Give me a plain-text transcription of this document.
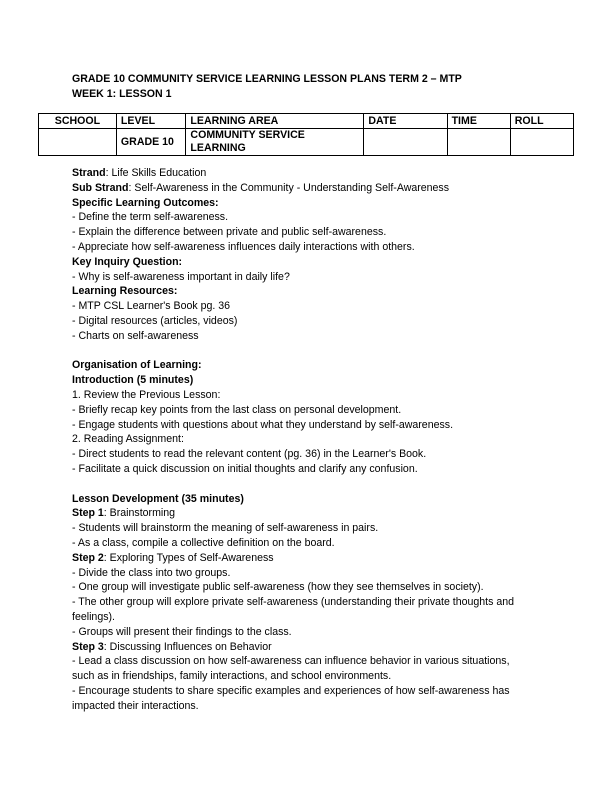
GRADE 10 COMMUNITY SERVICE LEARNING LESSON PLANS TERM 2 – MTP
WEEK 1: LESSON 1
SCHOOL	LEVEL	LEARNING AREA	DATE	TIME	ROLL
	GRADE 10	COMMUNITY SERVICE LEARNING			

Strand: Life Skills Education

Sub Strand: Self-Awareness in the Community - Understanding Self-Awareness

Specific Learning Outcomes:

- Define the term self-awareness.

- Explain the difference between private and public self-awareness.

- Appreciate how self-awareness influences daily interactions with others.

Key Inquiry Question:

- Why is self-awareness important in daily life?

Learning Resources:

- MTP CSL Learner's Book pg. 36

- Digital resources (articles, videos)

- Charts on self-awareness

Organisation of Learning:

Introduction (5 minutes)

1. Review the Previous Lesson:

- Briefly recap key points from the last class on personal development.

- Engage students with questions about what they understand by self-awareness.

2. Reading Assignment:

- Direct students to read the relevant content (pg. 36) in the Learner's Book.

- Facilitate a quick discussion on initial thoughts and clarify any confusion.

Lesson Development (35 minutes)

Step 1: Brainstorming

- Students will brainstorm the meaning of self-awareness in pairs.

- As a class, compile a collective definition on the board.

Step 2: Exploring Types of Self-Awareness

- Divide the class into two groups.

- One group will investigate public self-awareness (how they see themselves in society).

- The other group will explore private self-awareness (understanding their private thoughts and

feelings).

- Groups will present their findings to the class.

Step 3: Discussing Influences on Behavior

- Lead a class discussion on how self-awareness can influence behavior in various situations,

such as in friendships, family interactions, and school environments.

- Encourage students to share specific examples and experiences of how self-awareness has

impacted their interactions.
